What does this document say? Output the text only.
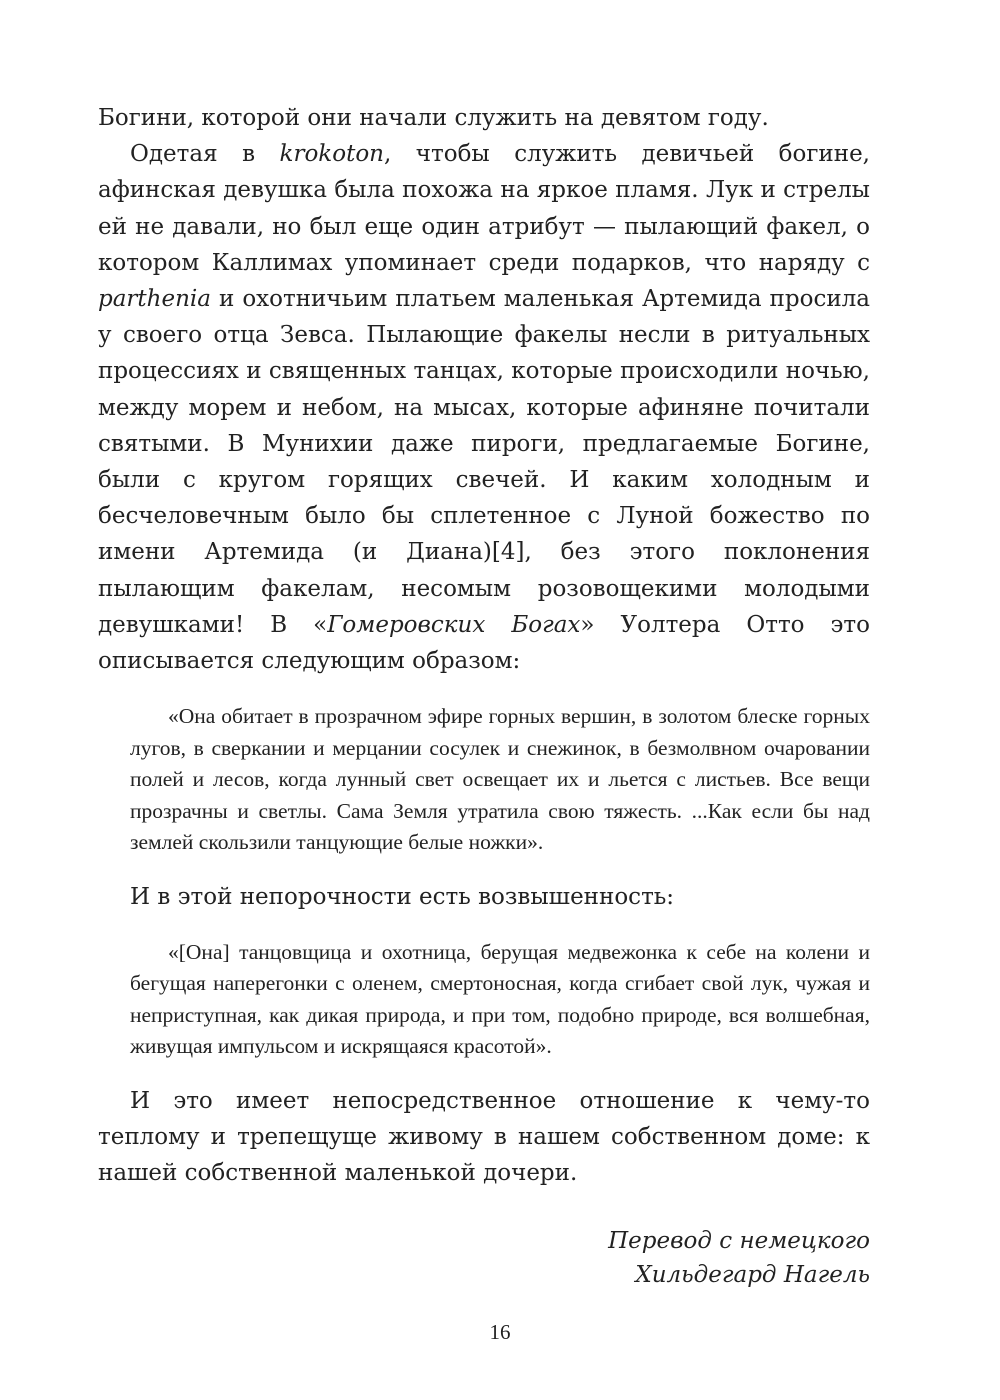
Богини, которой они начали служить на девятом году.

Одетая в krokoton, чтобы служить девичьей богине, афинская девушка была похожа на яркое пламя. Лук и стрелы ей не давали, но был еще один атрибут — пылающий факел, о котором Каллимах упоминает среди подарков, что наряду с parthenia и охотничьим платьем маленькая Артемида просила у своего отца Зевса. Пылающие факелы несли в ритуальных процессиях и священных танцах, которые происходили ночью, между морем и небом, на мысах, которые афиняне почитали святыми. В Мунихии даже пироги, предлагаемые Богине, были с кругом горящих свечей. И каким холодным и бесчеловечным было бы сплетенное с Луной божество по имени Артемида (и Диана)[4], без этого поклонения пылающим факелам, несомым розовощекими молодыми девушками! В «Гомеровских Богах» Уолтера Отто это описывается следующим образом:

«Она обитает в прозрачном эфире горных вершин, в золотом блеске горных лугов, в сверкании и мерцании сосулек и снежинок, в безмолвном очаровании полей и лесов, когда лунный свет освещает их и льется с листьев. Все вещи прозрачны и светлы. Сама Земля утратила свою тяжесть. ...Как если бы над землей скользили танцующие белые ножки».

И в этой непорочности есть возвышенность:

«[Она] танцовщица и охотница, берущая медвежонка к себе на колени и бегущая наперегонки с оленем, смертоносная, когда сгибает свой лук, чужая и неприступная, как дикая природа, и при том, подобно природе, вся волшебная, живущая импульсом и искрящаяся красотой».

И это имеет непосредственное отношение к чему-то теплому и трепещуще живому в нашем собственном доме: к нашей собственной маленькой дочери.

Перевод с немецкого
Хильдегард Нагель
16
